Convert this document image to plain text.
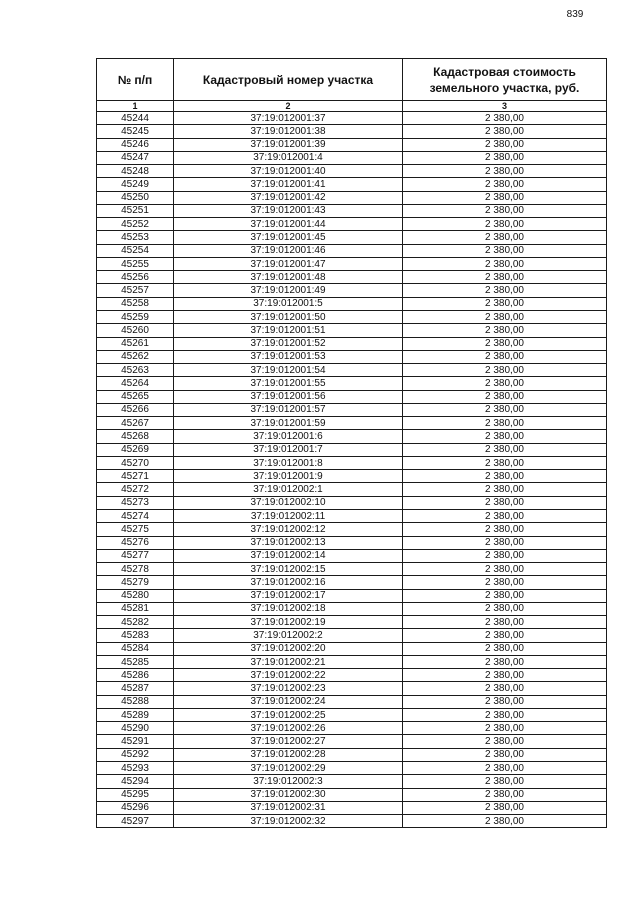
839
№ п/п	Кадастровый номер участка	Кадастровая стоимость земельного участка, руб.
1	2	3
45244	37:19:012001:37	2 380,00
45245	37:19:012001:38	2 380,00
45246	37:19:012001:39	2 380,00
45247	37:19:012001:4	2 380,00
45248	37:19:012001:40	2 380,00
45249	37:19:012001:41	2 380,00
45250	37:19:012001:42	2 380,00
45251	37:19:012001:43	2 380,00
45252	37:19:012001:44	2 380,00
45253	37:19:012001:45	2 380,00
45254	37:19:012001:46	2 380,00
45255	37:19:012001:47	2 380,00
45256	37:19:012001:48	2 380,00
45257	37:19:012001:49	2 380,00
45258	37:19:012001:5	2 380,00
45259	37:19:012001:50	2 380,00
45260	37:19:012001:51	2 380,00
45261	37:19:012001:52	2 380,00
45262	37:19:012001:53	2 380,00
45263	37:19:012001:54	2 380,00
45264	37:19:012001:55	2 380,00
45265	37:19:012001:56	2 380,00
45266	37:19:012001:57	2 380,00
45267	37:19:012001:59	2 380,00
45268	37:19:012001:6	2 380,00
45269	37:19:012001:7	2 380,00
45270	37:19:012001:8	2 380,00
45271	37:19:012001:9	2 380,00
45272	37:19:012002:1	2 380,00
45273	37:19:012002:10	2 380,00
45274	37:19:012002:11	2 380,00
45275	37:19:012002:12	2 380,00
45276	37:19:012002:13	2 380,00
45277	37:19:012002:14	2 380,00
45278	37:19:012002:15	2 380,00
45279	37:19:012002:16	2 380,00
45280	37:19:012002:17	2 380,00
45281	37:19:012002:18	2 380,00
45282	37:19:012002:19	2 380,00
45283	37:19:012002:2	2 380,00
45284	37:19:012002:20	2 380,00
45285	37:19:012002:21	2 380,00
45286	37:19:012002:22	2 380,00
45287	37:19:012002:23	2 380,00
45288	37:19:012002:24	2 380,00
45289	37:19:012002:25	2 380,00
45290	37:19:012002:26	2 380,00
45291	37:19:012002:27	2 380,00
45292	37:19:012002:28	2 380,00
45293	37:19:012002:29	2 380,00
45294	37:19:012002:3	2 380,00
45295	37:19:012002:30	2 380,00
45296	37:19:012002:31	2 380,00
45297	37:19:012002:32	2 380,00
